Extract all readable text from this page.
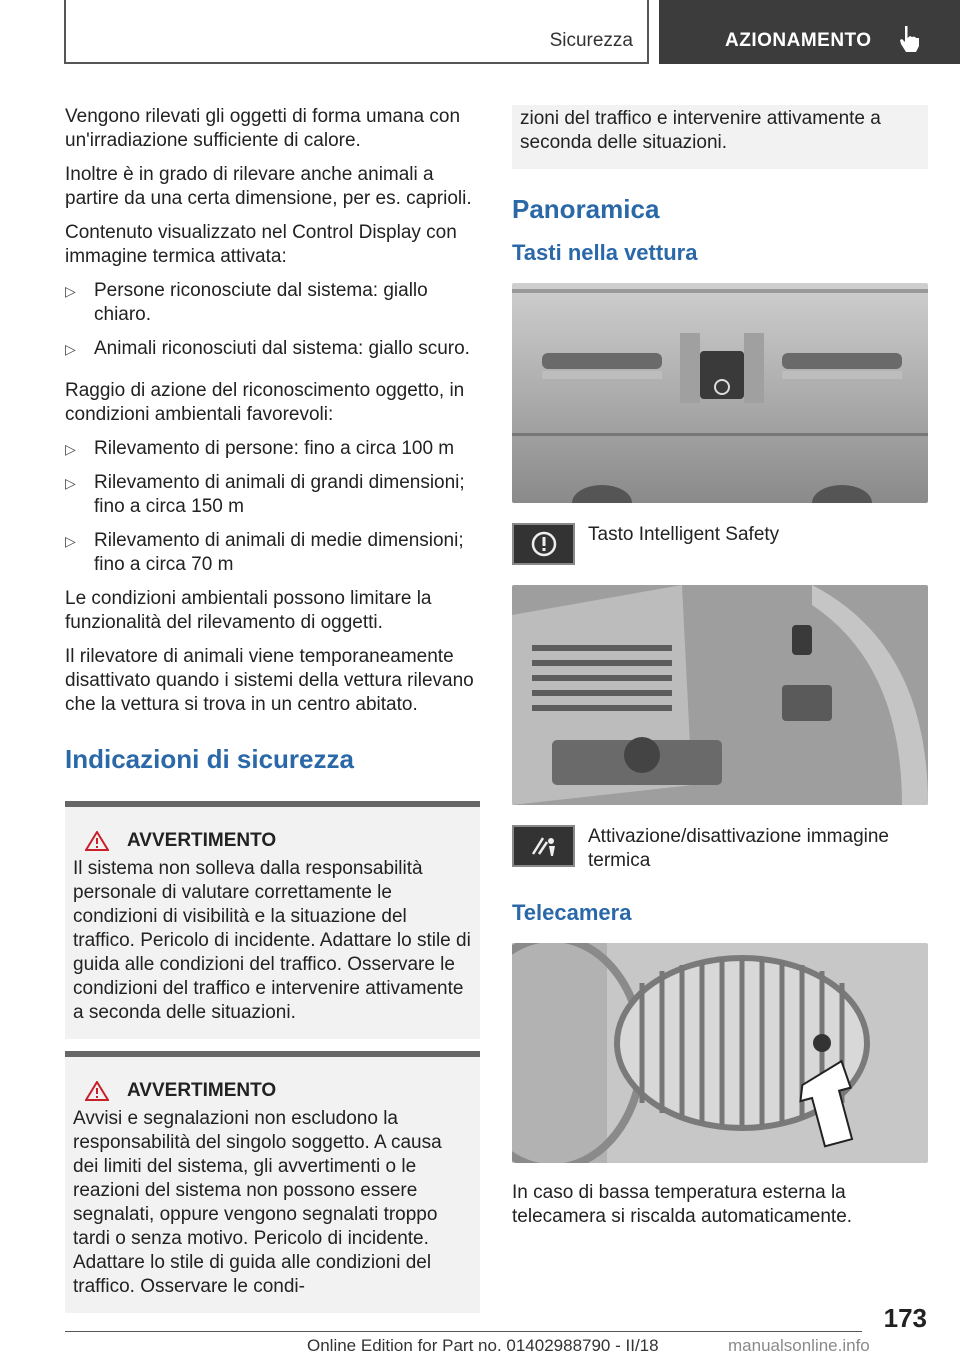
Sicurezza	AZIONAMENTO

Vengono rilevati gli oggetti di forma umana con un'irradiazione sufficiente di calore.

Inoltre è in grado di rilevare anche animali a partire da una certa dimensione, per es. caprioli.

Contenuto visualizzato nel Control Display con immagine termica attivata:

▷ Persone riconosciute dal sistema: giallo chiaro.
▷ Animali riconosciuti dal sistema: giallo scuro.

Raggio di azione del riconoscimento oggetto, in condizioni ambientali favorevoli:

▷ Rilevamento di persone: fino a circa 100 m
▷ Rilevamento di animali di grandi dimensioni; fino a circa 150 m
▷ Rilevamento di animali di medie dimensioni; fino a circa 70 m

Le condizioni ambientali possono limitare la funzionalità del rilevamento di oggetti.

Il rilevatore di animali viene temporaneamente disattivato quando i sistemi della vettura rilevano che la vettura si trova in un centro abitato.

Indicazioni di sicurezza
AVVERTIMENTO
Il sistema non solleva dalla responsabilità personale di valutare correttamente le condizioni di visibilità e la situazione del traffico. Pericolo di incidente. Adattare lo stile di guida alle condizioni del traffico. Osservare le condizioni del traffico e intervenire attivamente a seconda delle situazioni.
AVVERTIMENTO
Avvisi e segnalazioni non escludono la responsabilità del singolo soggetto. A causa dei limiti del sistema, gli avvertimenti o le reazioni del sistema non possono essere segnalati, oppure vengono segnalati troppo tardi o senza motivo. Pericolo di incidente. Adattare lo stile di guida alle condizioni del traffico. Osservare le condi-
zioni del traffico e intervenire attivamente a seconda delle situazioni.
Panoramica
Tasti nella vettura
Tasto Intelligent Safety
Attivazione/disattivazione immagine termica
Telecamera

In caso di bassa temperatura esterna la telecamera si riscalda automaticamente.

173
Online Edition for Part no. 01402988790 - II/18	manualsonline.info
